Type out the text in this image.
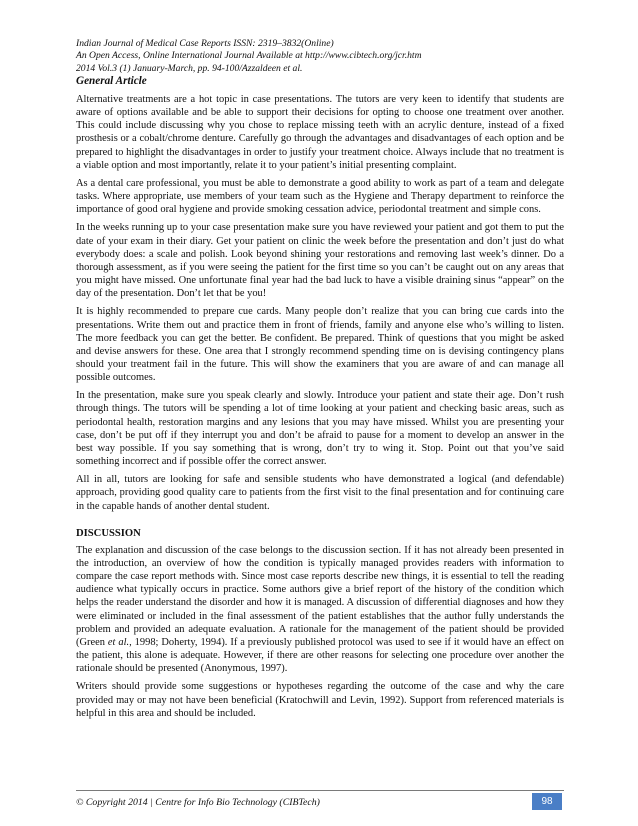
Indian Journal of Medical Case Reports ISSN: 2319–3832(Online)
An Open Access, Online International Journal Available at http://www.cibtech.org/jcr.htm
2014 Vol.3 (1) January-March, pp. 94-100/Azzaldeen et al.
General Article

Alternative treatments are a hot topic in case presentations. The tutors are very keen to identify that students are aware of options available and be able to support their decisions for opting to choose one treatment over another. This could include discussing why you chose to replace missing teeth with an acrylic denture, instead of a fixed prosthesis or a cobalt/chrome denture. Carefully go through the advantages and disadvantages of each option and be prepared to highlight the disadvantages in order to justify your treatment choice. Always include that no treatment is a viable option and most importantly, relate it to your patient’s initial presenting complaint.

As a dental care professional, you must be able to demonstrate a good ability to work as part of a team and delegate tasks. Where appropriate, use members of your team such as the Hygiene and Therapy department to reinforce the importance of good oral hygiene and provide smoking cessation advice, periodontal treatment and simple cons.

In the weeks running up to your case presentation make sure you have reviewed your patient and got them to put the date of your exam in their diary. Get your patient on clinic the week before the presentation and don’t just do what everybody does: a scale and polish. Look beyond shining your restorations and removing last week’s dinner. Do a thorough assessment, as if you were seeing the patient for the first time so you can’t be caught out on any areas that you might have missed. One unfortunate final year had the bad luck to have a visible draining sinus “appear” on the day of the presentation. Don’t let that be you!

It is highly recommended to prepare cue cards. Many people don’t realize that you can bring cue cards into the presentations. Write them out and practice them in front of friends, family and anyone else who’s willing to listen. The more feedback you can get the better. Be confident. Be prepared. Think of questions that you might be asked and devise answers for these. One area that I strongly recommend spending time on is devising contingency plans should your treatment fail in the future. This will show the examiners that you are aware of and can manage all possible outcomes.

In the presentation, make sure you speak clearly and slowly. Introduce your patient and state their age. Don’t rush through things. The tutors will be spending a lot of time looking at your patient and checking basic areas, such as periodontal health, restoration margins and any lesions that you may have missed. Whilst you are presenting your case, don’t be put off if they interrupt you and don’t be afraid to pause for a moment to develop an answer in the best way possible. If you say something that is wrong, don’t try to wing it. Stop. Point out that you’ve said something incorrect and if possible offer the correct answer.

All in all, tutors are looking for safe and sensible students who have demonstrated a logical (and defendable) approach, providing good quality care to patients from the first visit to the final presentation and for continuing care in the capable hands of another dental student.

DISCUSSION

The explanation and discussion of the case belongs to the discussion section. If it has not already been presented in the introduction, an overview of how the condition is typically managed provides readers with information to compare the case report methods with. Since most case reports describe new things, it is essential to tell the reading audience what typically occurs in practice. Some authors give a brief report of the history of the condition which helps the reader understand the disorder and how it is managed. A discussion of differential diagnoses and how they were eliminated or included in the final assessment of the patient establishes that the author fully understands the problem and provided an adequate evaluation. A rationale for the management of the patient should be provided (Green et al., 1998; Doherty, 1994). If a previously published protocol was used to see if it would have an effect on the patient, this alone is adequate. However, if there are other reasons for selecting one procedure over another the rationale should be presented (Anonymous, 1997).

Writers should provide some suggestions or hypotheses regarding the outcome of the case and why the care provided may or may not have been beneficial (Kratochwill and Levin, 1992). Support from referenced materials is helpful in this area and should be included.

© Copyright 2014 | Centre for Info Bio Technology (CIBTech)	98
